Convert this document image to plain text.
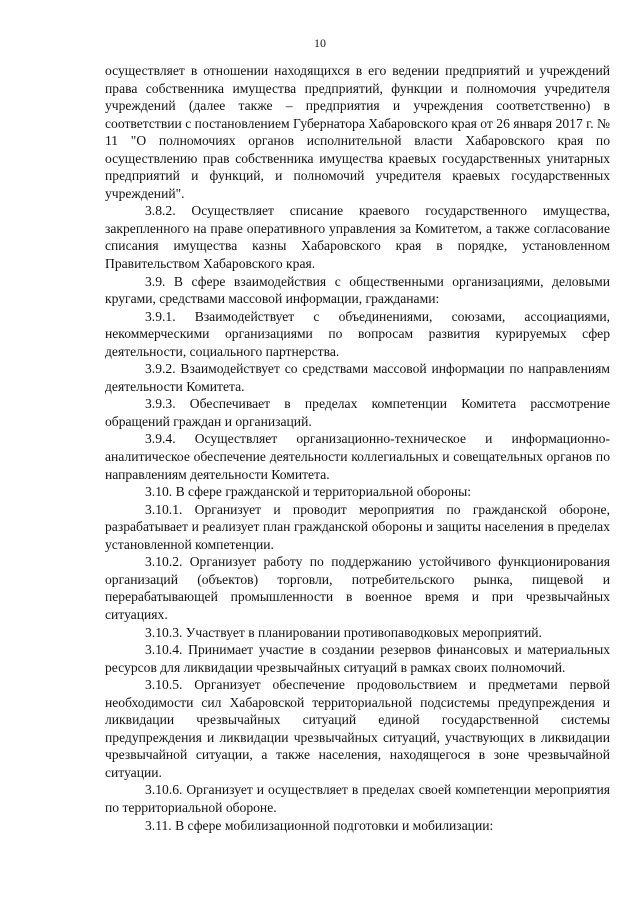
10

осуществляет в отношении находящихся в его ведении предприятий и учреждений права собственника имущества предприятий, функции и полномочия учредителя учреждений (далее также – предприятия и учреждения соответственно) в соответствии с постановлением Губернатора Хабаровского края от 26 января 2017 г. № 11 "О полномочиях органов исполнительной власти Хабаровского края по осуществлению прав собственника имущества краевых государственных унитарных предприятий и функций, и полномочий учредителя краевых государственных учреждений".

3.8.2. Осуществляет списание краевого государственного имущества, закрепленного на праве оперативного управления за Комитетом, а также согласование списания имущества казны Хабаровского края в порядке, установленном Правительством Хабаровского края.

3.9. В сфере взаимодействия с общественными организациями, деловыми кругами, средствами массовой информации, гражданами:

3.9.1. Взаимодействует с объединениями, союзами, ассоциациями, некоммерческими организациями по вопросам развития курируемых сфер деятельности, социального партнерства.

3.9.2. Взаимодействует со средствами массовой информации по направлениям деятельности Комитета.

3.9.3. Обеспечивает в пределах компетенции Комитета рассмотрение обращений граждан и организаций.

3.9.4. Осуществляет организационно-техническое и информационно-аналитическое обеспечение деятельности коллегиальных и совещательных органов по направлениям деятельности Комитета.

3.10. В сфере гражданской и территориальной обороны:

3.10.1. Организует и проводит мероприятия по гражданской обороне, разрабатывает и реализует план гражданской обороны и защиты населения в пределах установленной компетенции.

3.10.2. Организует работу по поддержанию устойчивого функционирования организаций (объектов) торговли, потребительского рынка, пищевой и перерабатывающей промышленности в военное время и при чрезвычайных ситуациях.

3.10.3. Участвует в планировании противопаводковых мероприятий.

3.10.4. Принимает участие в создании резервов финансовых и материальных ресурсов для ликвидации чрезвычайных ситуаций в рамках своих полномочий.

3.10.5. Организует обеспечение продовольствием и предметами первой необходимости сил Хабаровской территориальной подсистемы предупреждения и ликвидации чрезвычайных ситуаций единой государственной системы предупреждения и ликвидации чрезвычайных ситуаций, участвующих в ликвидации чрезвычайной ситуации, а также населения, находящегося в зоне чрезвычайной ситуации.

3.10.6. Организует и осуществляет в пределах своей компетенции мероприятия по территориальной обороне.

3.11. В сфере мобилизационной подготовки и мобилизации:
